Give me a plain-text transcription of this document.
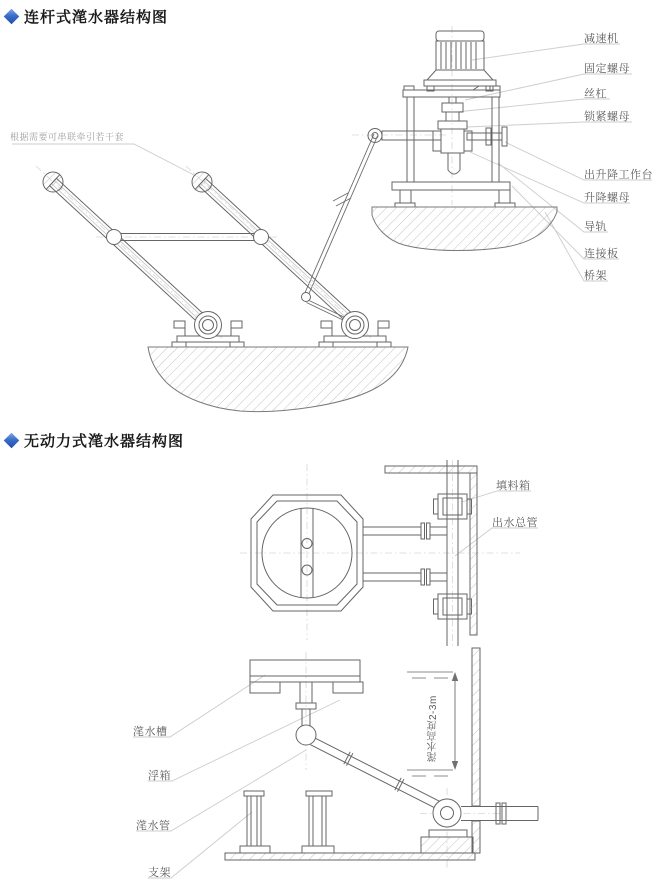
连杆式滗水器结构图
无动力式滗水器结构图
根据需要可串联牵引若干套
减速机
固定螺母
丝杠
锁紧螺母
出升降工作台
升降螺母
导轨
连接板
桥架
填料箱
出水总管
滗水槽
浮箱
滗水管
支架
滗水高度2-3m
